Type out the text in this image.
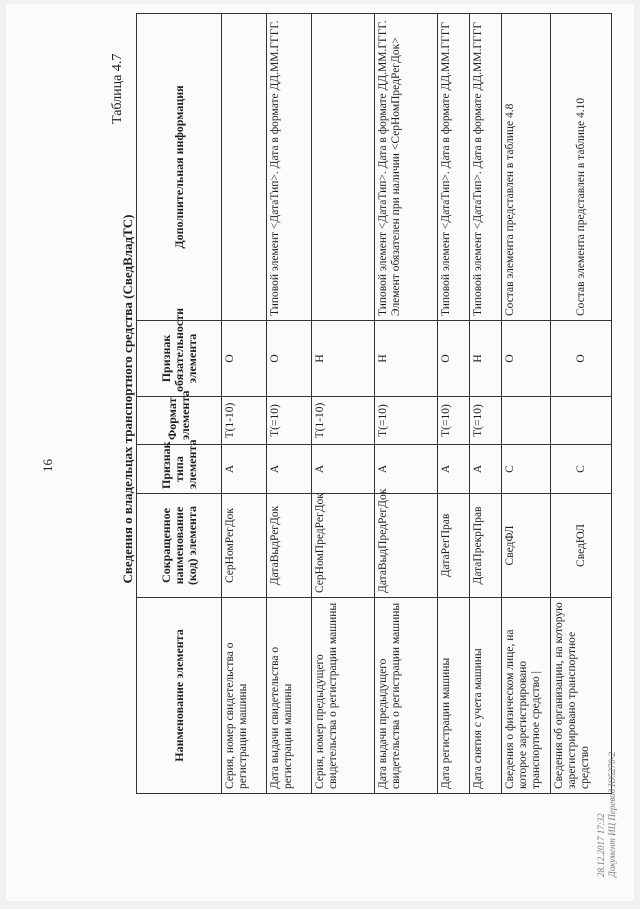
16
Таблица 4.7
Сведения о владельцах транспортного средства (СведВладТС)
Наименование элемента	Сокращенное наименование (код) элемента	Признак типа элемента	Формат элемента	Признак обязательности элемента	Дополнительная информация
Серия, номер свидетельства о регистрации машины	СерНомРегДок	А	T(1-10)	О	
Дата выдачи свидетельства о регистрации машины	ДатаВыдРегДок	А	T(=10)	О	Типовой элемент <ДатаТип>. Дата в формате ДД.ММ.ГГГГ.
Серия, номер предыдущего свидетельства о регистрации машины	СерНомПредРегДок	А	T(1-10)	Н	
Дата выдачи предыдущего свидетельства о регистрации машины	ДатаВыдПредРегДок	А	T(=10)	Н	Типовой элемент <ДатаТип>. Дата в формате ДД.ММ.ГГГГ. Элемент обязателен при наличии <СерНомПредРегДок>
Дата регистрации машины	ДатаРегПрав	А	T(=10)	О	Типовой элемент <ДатаТип>. Дата в формате ДД.ММ.ГГГГ
Дата снятия с учета машины	ДатаПрекрПрав	А	T(=10)	Н	Типовой элемент <ДатаТип>. Дата в формате ДД.ММ.ГГГГ
Сведения о физическом лице, на которое зарегистрировано транспортное средство |	СведФЛ	С		О	Состав элемента представлен в таблице 4.8
Сведения об организации, на которую зарегистрировано транспортное средство	СведЮЛ	С		О	Состав элемента представлен в таблице 4.10
28.12.2017 17:32 Документ ИЦ Перевод Ю5270-2
